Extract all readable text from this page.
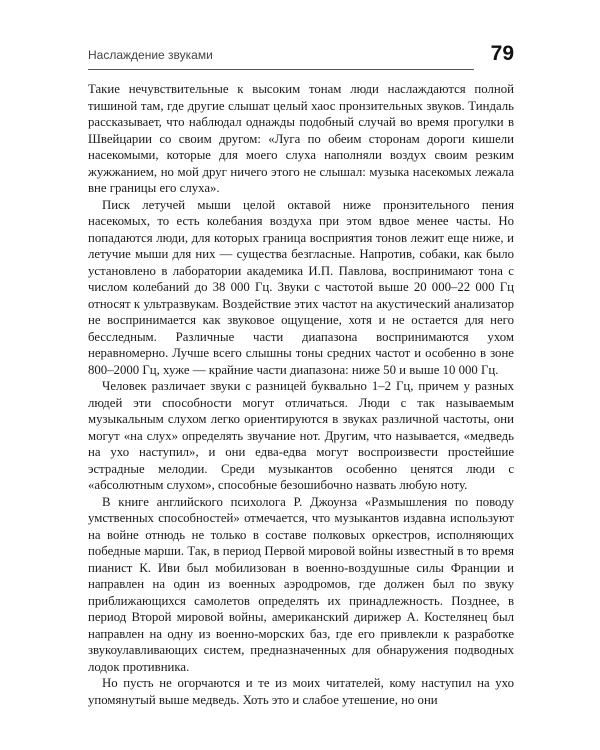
Наслаждение звуками	79

Такие нечувствительные к высоким тонам люди наслаждаются полной тишиной там, где другие слышат целый хаос пронзительных звуков. Тиндаль рассказывает, что наблюдал однажды подобный случай во время прогулки в Швейцарии со своим другом: «Луга по обеим сторонам дороги кишели насекомыми, которые для моего слуха наполняли воздух своим резким жужжанием, но мой друг ничего этого не слышал: музыка насекомых лежала вне границы его слуха».

Писк летучей мыши целой октавой ниже пронзительного пения насекомых, то есть колебания воздуха при этом вдвое менее часты. Но попадаются люди, для которых граница восприятия тонов лежит еще ниже, и летучие мыши для них — существа безгласные. Напротив, собаки, как было установлено в лаборатории академика И.П. Павлова, воспринимают тона с числом колебаний до 38 000 Гц. Звуки с частотой выше 20 000–22 000 Гц относят к ультразвукам. Воздействие этих частот на акустический анализатор не воспринимается как звуковое ощущение, хотя и не остается для него бесследным. Различные части диапазона воспринимаются ухом неравномерно. Лучше всего слышны тоны средних частот и особенно в зоне 800–2000 Гц, хуже — крайние части диапазона: ниже 50 и выше 10 000 Гц.

Человек различает звуки с разницей буквально 1–2 Гц, причем у разных людей эти способности могут отличаться. Люди с так называемым музыкальным слухом легко ориентируются в звуках различной частоты, они могут «на слух» определять звучание нот. Другим, что называется, «медведь на ухо наступил», и они едва-едва могут воспроизвести простейшие эстрадные мелодии. Среди музыкантов особенно ценятся люди с «абсолютным слухом», способные безошибочно назвать любую ноту.

В книге английского психолога Р. Джоунза «Размышления по поводу умственных способностей» отмечается, что музыкантов издавна используют на войне отнюдь не только в составе полковых оркестров, исполняющих победные марши. Так, в период Первой мировой войны известный в то время пианист К. Иви был мобилизован в военно-воздушные силы Франции и направлен на один из военных аэродромов, где должен был по звуку приближающихся самолетов определять их принадлежность. Позднее, в период Второй мировой войны, американский дирижер А. Костелянец был направлен на одну из военно-морских баз, где его привлекли к разработке звукоулавливающих систем, предназначенных для обнаружения подводных лодок противника.

Но пусть не огорчаются и те из моих читателей, кому наступил на ухо упомянутый выше медведь. Хоть это и слабое утешение, но они
